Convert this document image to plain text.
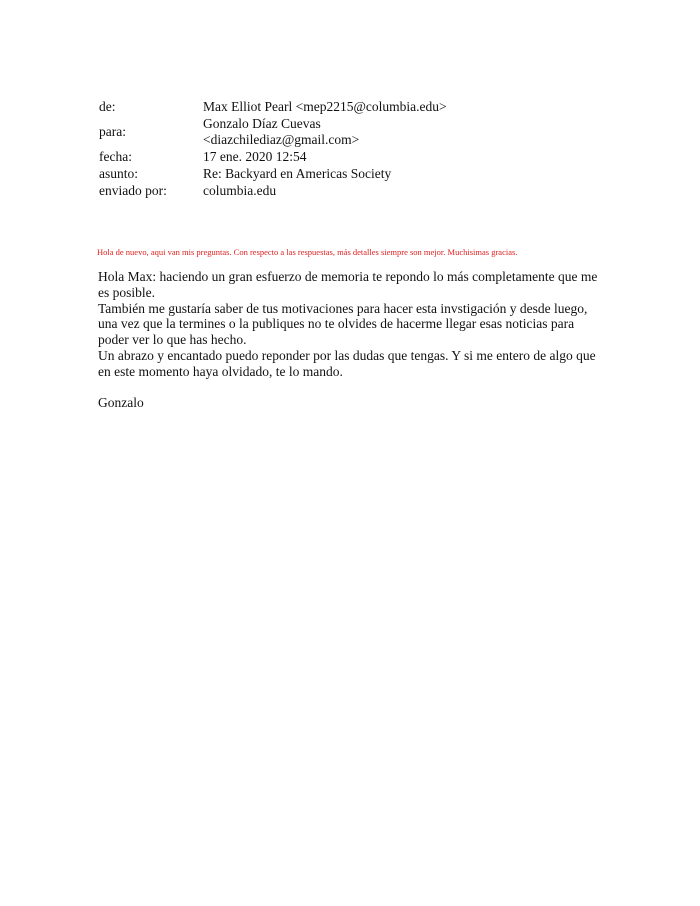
de:	Max Elliot Pearl <mep2215@columbia.edu>
para:	Gonzalo Díaz Cuevas
<diazchilediaz@gmail.com>

fecha:	17 ene. 2020 12:54
asunto:	Re: Backyard en Americas Society
enviado por:	columbia.edu
Hola de nuevo, aqui van mis preguntas. Con respecto a las respuestas, más detalles siempre son mejor. Muchisimas gracias.

Hola Max: haciendo un gran esfuerzo de memoria te repondo lo más completamente que me es posible.

También me gustaría saber de tus motivaciones para hacer esta invstigación y desde luego, una vez que la termines o la publiques no te olvides de hacerme llegar esas noticias para poder ver lo que has hecho.

Un abrazo y encantado puedo reponder por las dudas que tengas. Y si me entero de algo que en este momento haya olvidado, te lo mando.

Gonzalo
